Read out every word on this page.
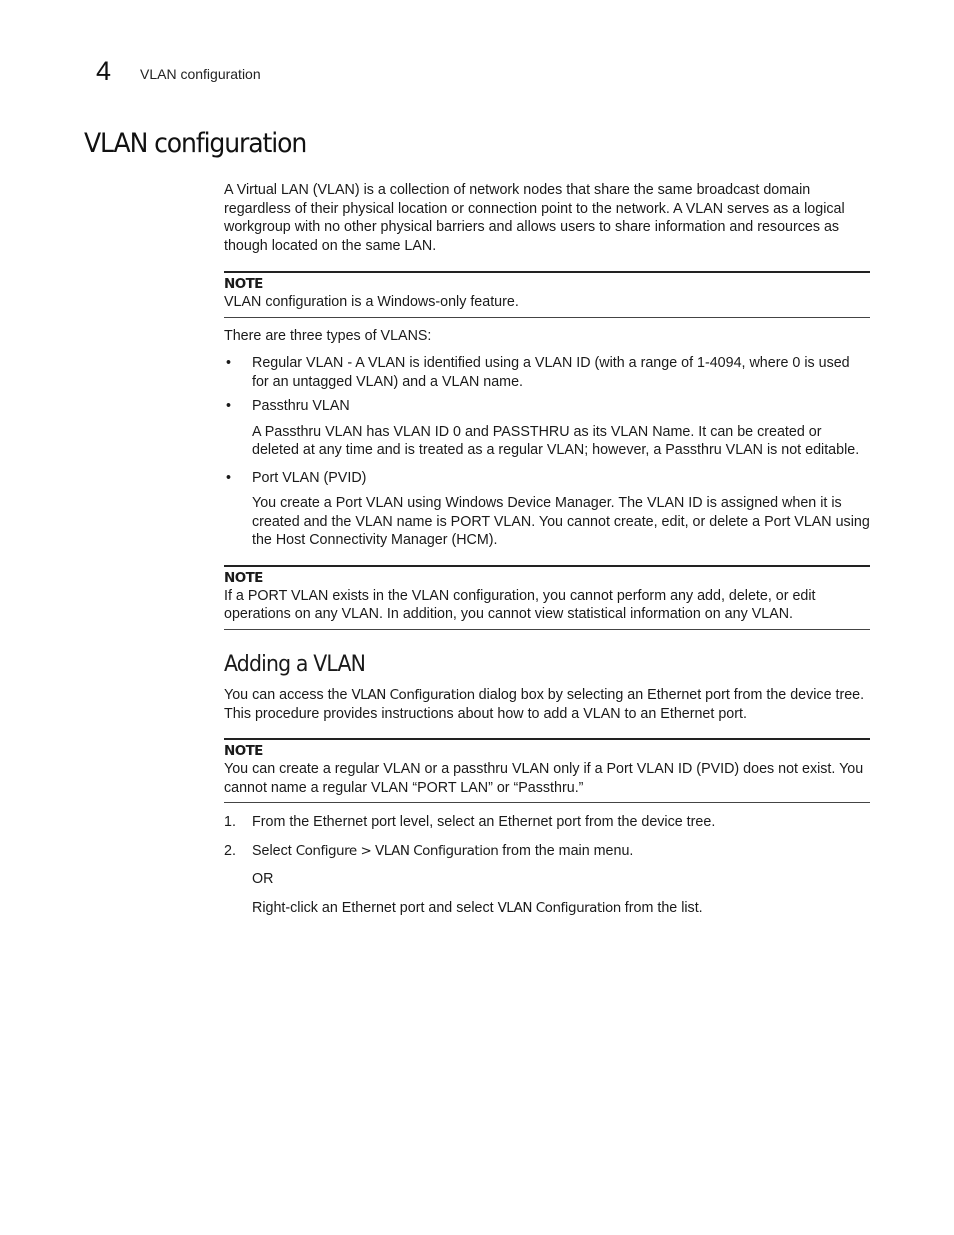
4 VLAN configuration
VLAN configuration

A Virtual LAN (VLAN) is a collection of network nodes that share the same broadcast domain regardless of their physical location or connection point to the network. A VLAN serves as a logical workgroup with no other physical barriers and allows users to share information and resources as though located on the same LAN.

NOTE

VLAN configuration is a Windows-only feature.

There are three types of VLANS:

• Regular VLAN - A VLAN is identified using a VLAN ID (with a range of 1-4094, where 0 is used for an untagged VLAN) and a VLAN name.

• Passthru VLAN

A Passthru VLAN has VLAN ID 0 and PASSTHRU as its VLAN Name. It can be created or deleted at any time and is treated as a regular VLAN; however, a Passthru VLAN is not editable.

• Port VLAN (PVID)

You create a Port VLAN using Windows Device Manager. The VLAN ID is assigned when it is created and the VLAN name is PORT VLAN. You cannot create, edit, or delete a Port VLAN using the Host Connectivity Manager (HCM).

NOTE

If a PORT VLAN exists in the VLAN configuration, you cannot perform any add, delete, or edit operations on any VLAN. In addition, you cannot view statistical information on any VLAN.

Adding a VLAN

You can access the VLAN Configuration dialog box by selecting an Ethernet port from the device tree. This procedure provides instructions about how to add a VLAN to an Ethernet port.

NOTE

You can create a regular VLAN or a passthru VLAN only if a Port VLAN ID (PVID) does not exist. You cannot name a regular VLAN “PORT LAN” or “Passthru.”

1. From the Ethernet port level, select an Ethernet port from the device tree.

2. Select Configure > VLAN Configuration from the main menu.

OR

Right-click an Ethernet port and select VLAN Configuration from the list.
